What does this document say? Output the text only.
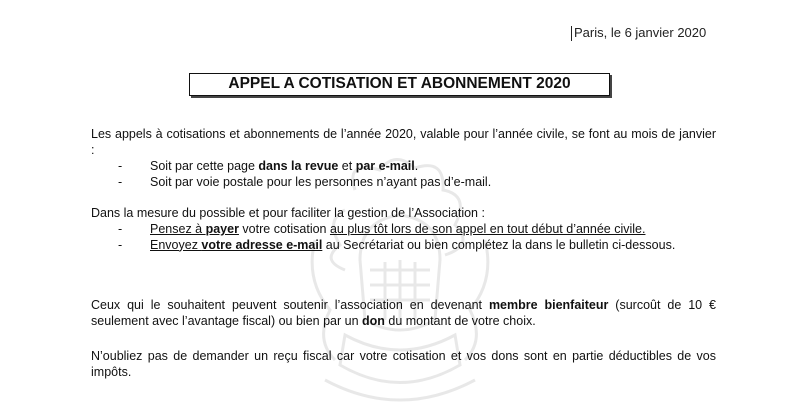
Paris, le 6 janvier 2020
APPEL A COTISATION ET ABONNEMENT 2020

Les appels à cotisations et abonnements de l’année 2020, valable pour l’année civile, se font au mois de janvier :

- Soit par cette page dans la revue et par e-mail.
- Soit par voie postale pour les personnes n’ayant pas d’e-mail.

Dans la mesure du possible et pour faciliter la gestion de l’Association :

- Pensez à payer votre cotisation au plus tôt lors de son appel en tout début d’année civile.
- Envoyez votre adresse e-mail au Secrétariat ou bien complétez la dans le bulletin ci-dessous.

Ceux qui le souhaitent peuvent soutenir l’association en devenant membre bienfaiteur (surcoût de 10 € seulement avec l’avantage fiscal) ou bien par un don du montant de votre choix.

N’oubliez pas de demander un reçu fiscal car votre cotisation et vos dons sont en partie déductibles de vos impôts.
